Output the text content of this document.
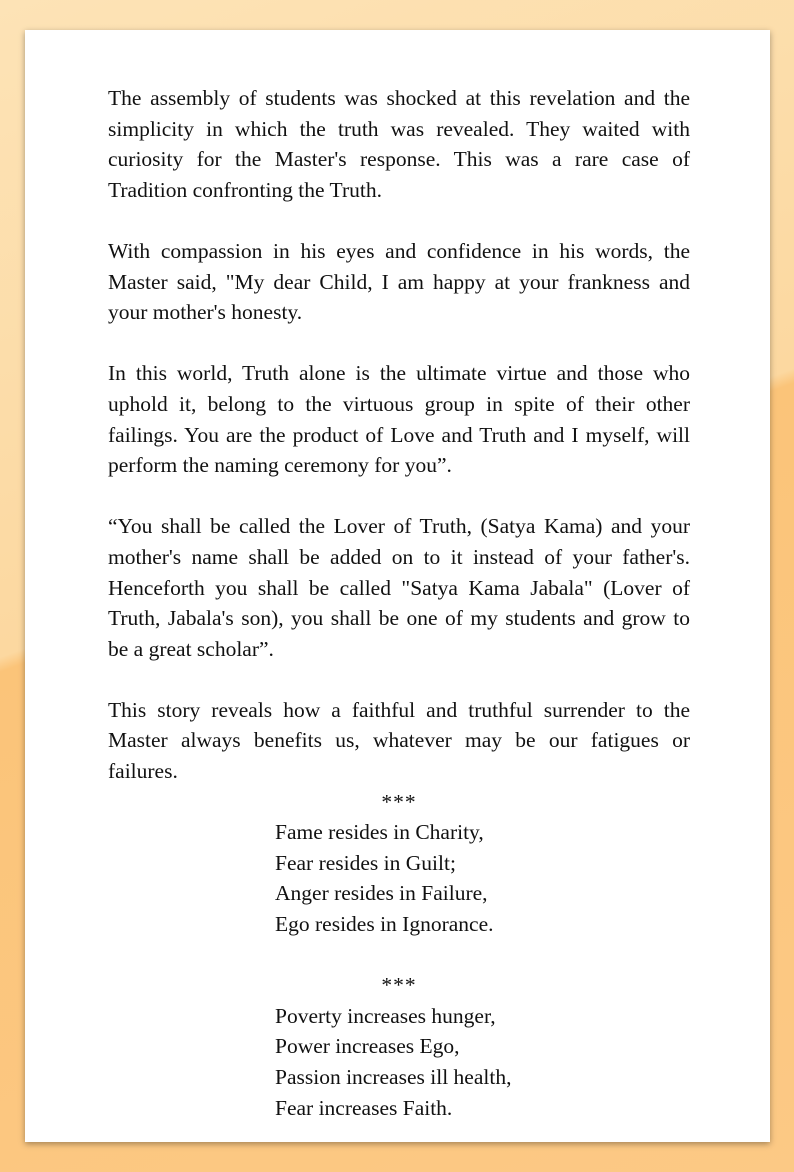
The assembly of students was shocked at this revelation and the simplicity in which the truth was revealed. They waited with curiosity for the Master's response. This was a rare case of Tradition confronting the Truth.

With compassion in his eyes and confidence in his words, the Master said, "My dear Child, I am happy at your frankness and your mother's honesty.

In this world, Truth alone is the ultimate virtue and those who uphold it, belong to the virtuous group in spite of their other failings. You are the product of Love and Truth and I myself, will perform the naming ceremony for you”.

“You shall be called the Lover of Truth, (Satya Kama) and your mother's name shall be added on to it instead of your father's. Henceforth you shall be called "Satya Kama Jabala" (Lover of Truth, Jabala's son), you shall be one of my students and grow to be a great scholar”.

This story reveals how a faithful and truthful surrender to the Master always benefits us, whatever may be our fatigues or failures.

***

Fame resides in Charity,
Fear resides in Guilt;
Anger resides in Failure,
Ego resides in Ignorance.

***

Poverty increases hunger,
Power increases Ego,
Passion increases ill health,
Fear increases Faith.
